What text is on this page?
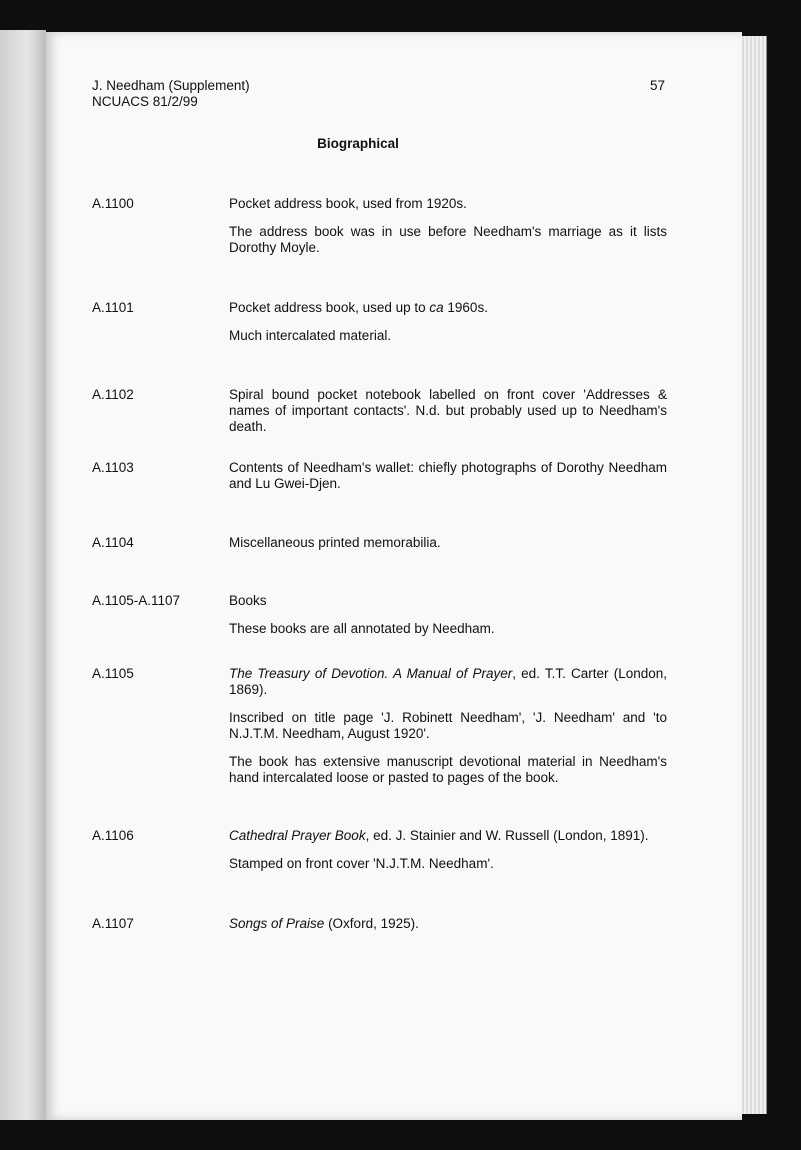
J. Needham (Supplement)
NCUACS 81/2/99
57
Biographical
A.1100	Pocket address book, used from 1920s.

The address book was in use before Needham's marriage as it lists Dorothy Moyle.

A.1101	Pocket address book, used up to ca 1960s.

Much intercalated material.

A.1102	Spiral bound pocket notebook labelled on front cover 'Addresses & names of important contacts'. N.d. but probably used up to Needham's death.

A.1103	Contents of Needham's wallet: chiefly photographs of Dorothy Needham and Lu Gwei-Djen.

A.1104	Miscellaneous printed memorabilia.

A.1105-A.1107	Books

These books are all annotated by Needham.

A.1105	The Treasury of Devotion. A Manual of Prayer, ed. T.T. Carter (London, 1869).

Inscribed on title page 'J. Robinett Needham', 'J. Needham' and 'to N.J.T.M. Needham, August 1920'.

The book has extensive manuscript devotional material in Needham's hand intercalated loose or pasted to pages of the book.

A.1106	Cathedral Prayer Book, ed. J. Stainier and W. Russell (London, 1891).

Stamped on front cover 'N.J.T.M. Needham'.

A.1107	Songs of Praise (Oxford, 1925).
